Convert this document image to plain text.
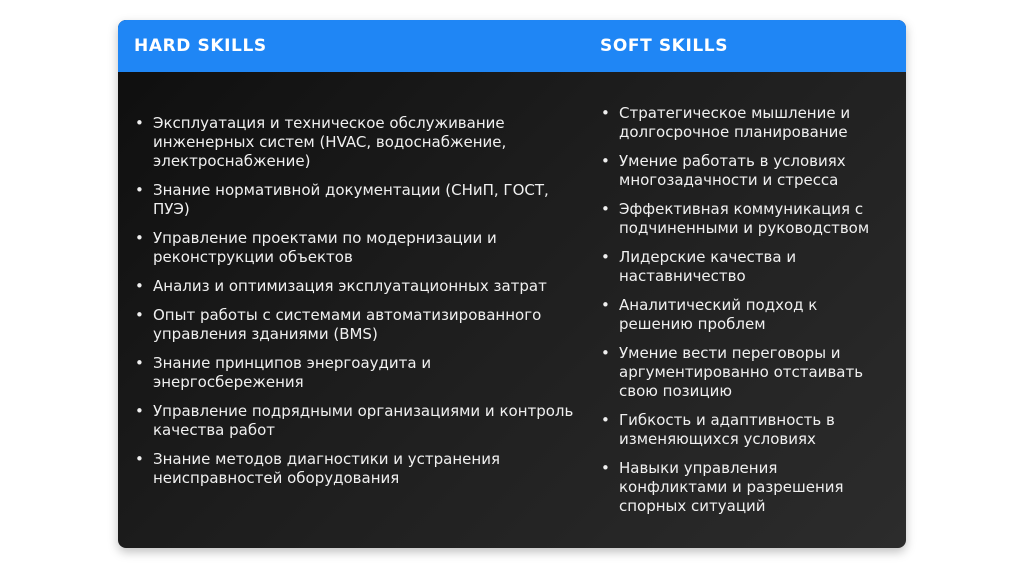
HARD SKILLS	SOFT SKILLS
• Эксплуатация и техническое обслуживание инженерных систем (HVAC, водоснабжение, электроснабжение)
• Знание нормативной документации (СНиП, ГОСТ, ПУЭ)
• Управление проектами по модернизации и реконструкции объектов
• Анализ и оптимизация эксплуатационных затрат
• Опыт работы с системами автоматизированного управления зданиями (BMS)
• Знание принципов энергоаудита и энергосбережения
• Управление подрядными организациями и контроль качества работ
• Знание методов диагностики и устранения неисправностей оборудования
• Стратегическое мышление и долгосрочное планирование
• Умение работать в условиях многозадачности и стресса
• Эффективная коммуникация с подчиненными и руководством
• Лидерские качества и наставничество
• Аналитический подход к решению проблем
• Умение вести переговоры и аргументированно отстаивать свою позицию
• Гибкость и адаптивность в изменяющихся условиях
• Навыки управления конфликтами и разрешения спорных ситуаций
